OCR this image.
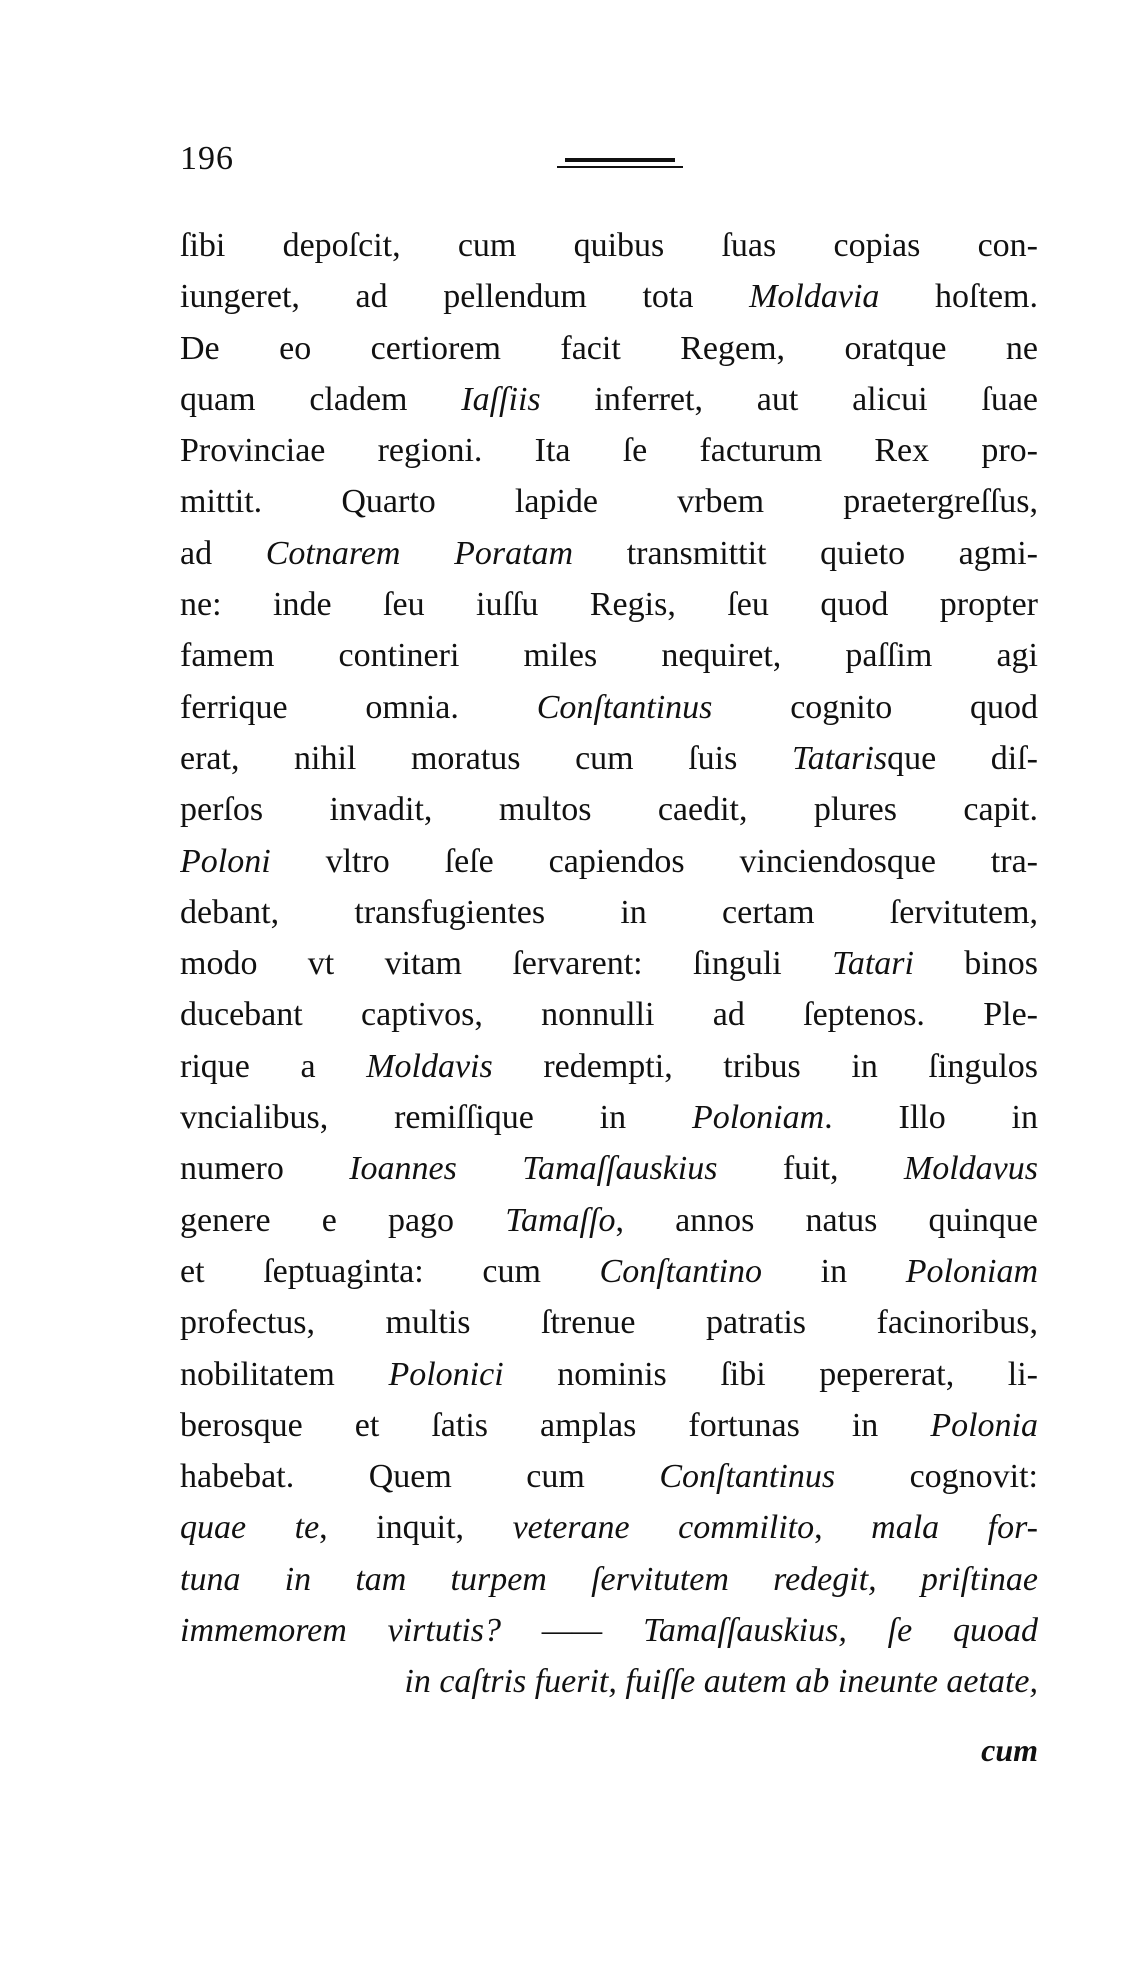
196
ſibi depoſcit, cum quibus ſuas copias con-
iungeret, ad pellendum tota Moldavia hoſtem.
De eo certiorem facit Regem, oratque ne
quam cladem Iaſſiis inferret, aut alicui ſuae
Provinciae regioni. Ita ſe facturum Rex pro-
mittit. Quarto lapide vrbem praetergreſſus,
ad Cotnarem Poratam transmittit quieto agmi-
ne: inde ſeu iuſſu Regis, ſeu quod propter
famem contineri miles nequiret, paſſim agi
ferrique omnia. Conſtantinus cognito quod
erat, nihil moratus cum ſuis Tatarisque diſ-
perſos invadit, multos caedit, plures capit.
Poloni vltro ſeſe capiendos vinciendosque tra-
debant, transfugientes in certam ſervitutem,
modo vt vitam ſervarent: ſinguli Tatari binos
ducebant captivos, nonnulli ad ſeptenos. Ple-
rique a Moldavis redempti, tribus in ſingulos
vncialibus, remiſſique in Poloniam. Illo in
numero Ioannes Tamaſſauskius fuit, Moldavus
genere e pago Tamaſſo, annos natus quinque
et ſeptuaginta: cum Conſtantino in Poloniam
profectus, multis ſtrenue patratis facinoribus,
nobilitatem Polonici nominis ſibi pepererat, li-
berosque et ſatis amplas fortunas in Polonia
habebat. Quem cum Conſtantinus cognovit:
quae te, inquit, veterane commilito, mala for-
tuna in tam turpem ſervitutem redegit, priſtinae
immemorem virtutis? —— Tamaſſauskius, ſe quoad
in caſtris fuerit, fuiſſe autem ab ineunte aetate,
cum
